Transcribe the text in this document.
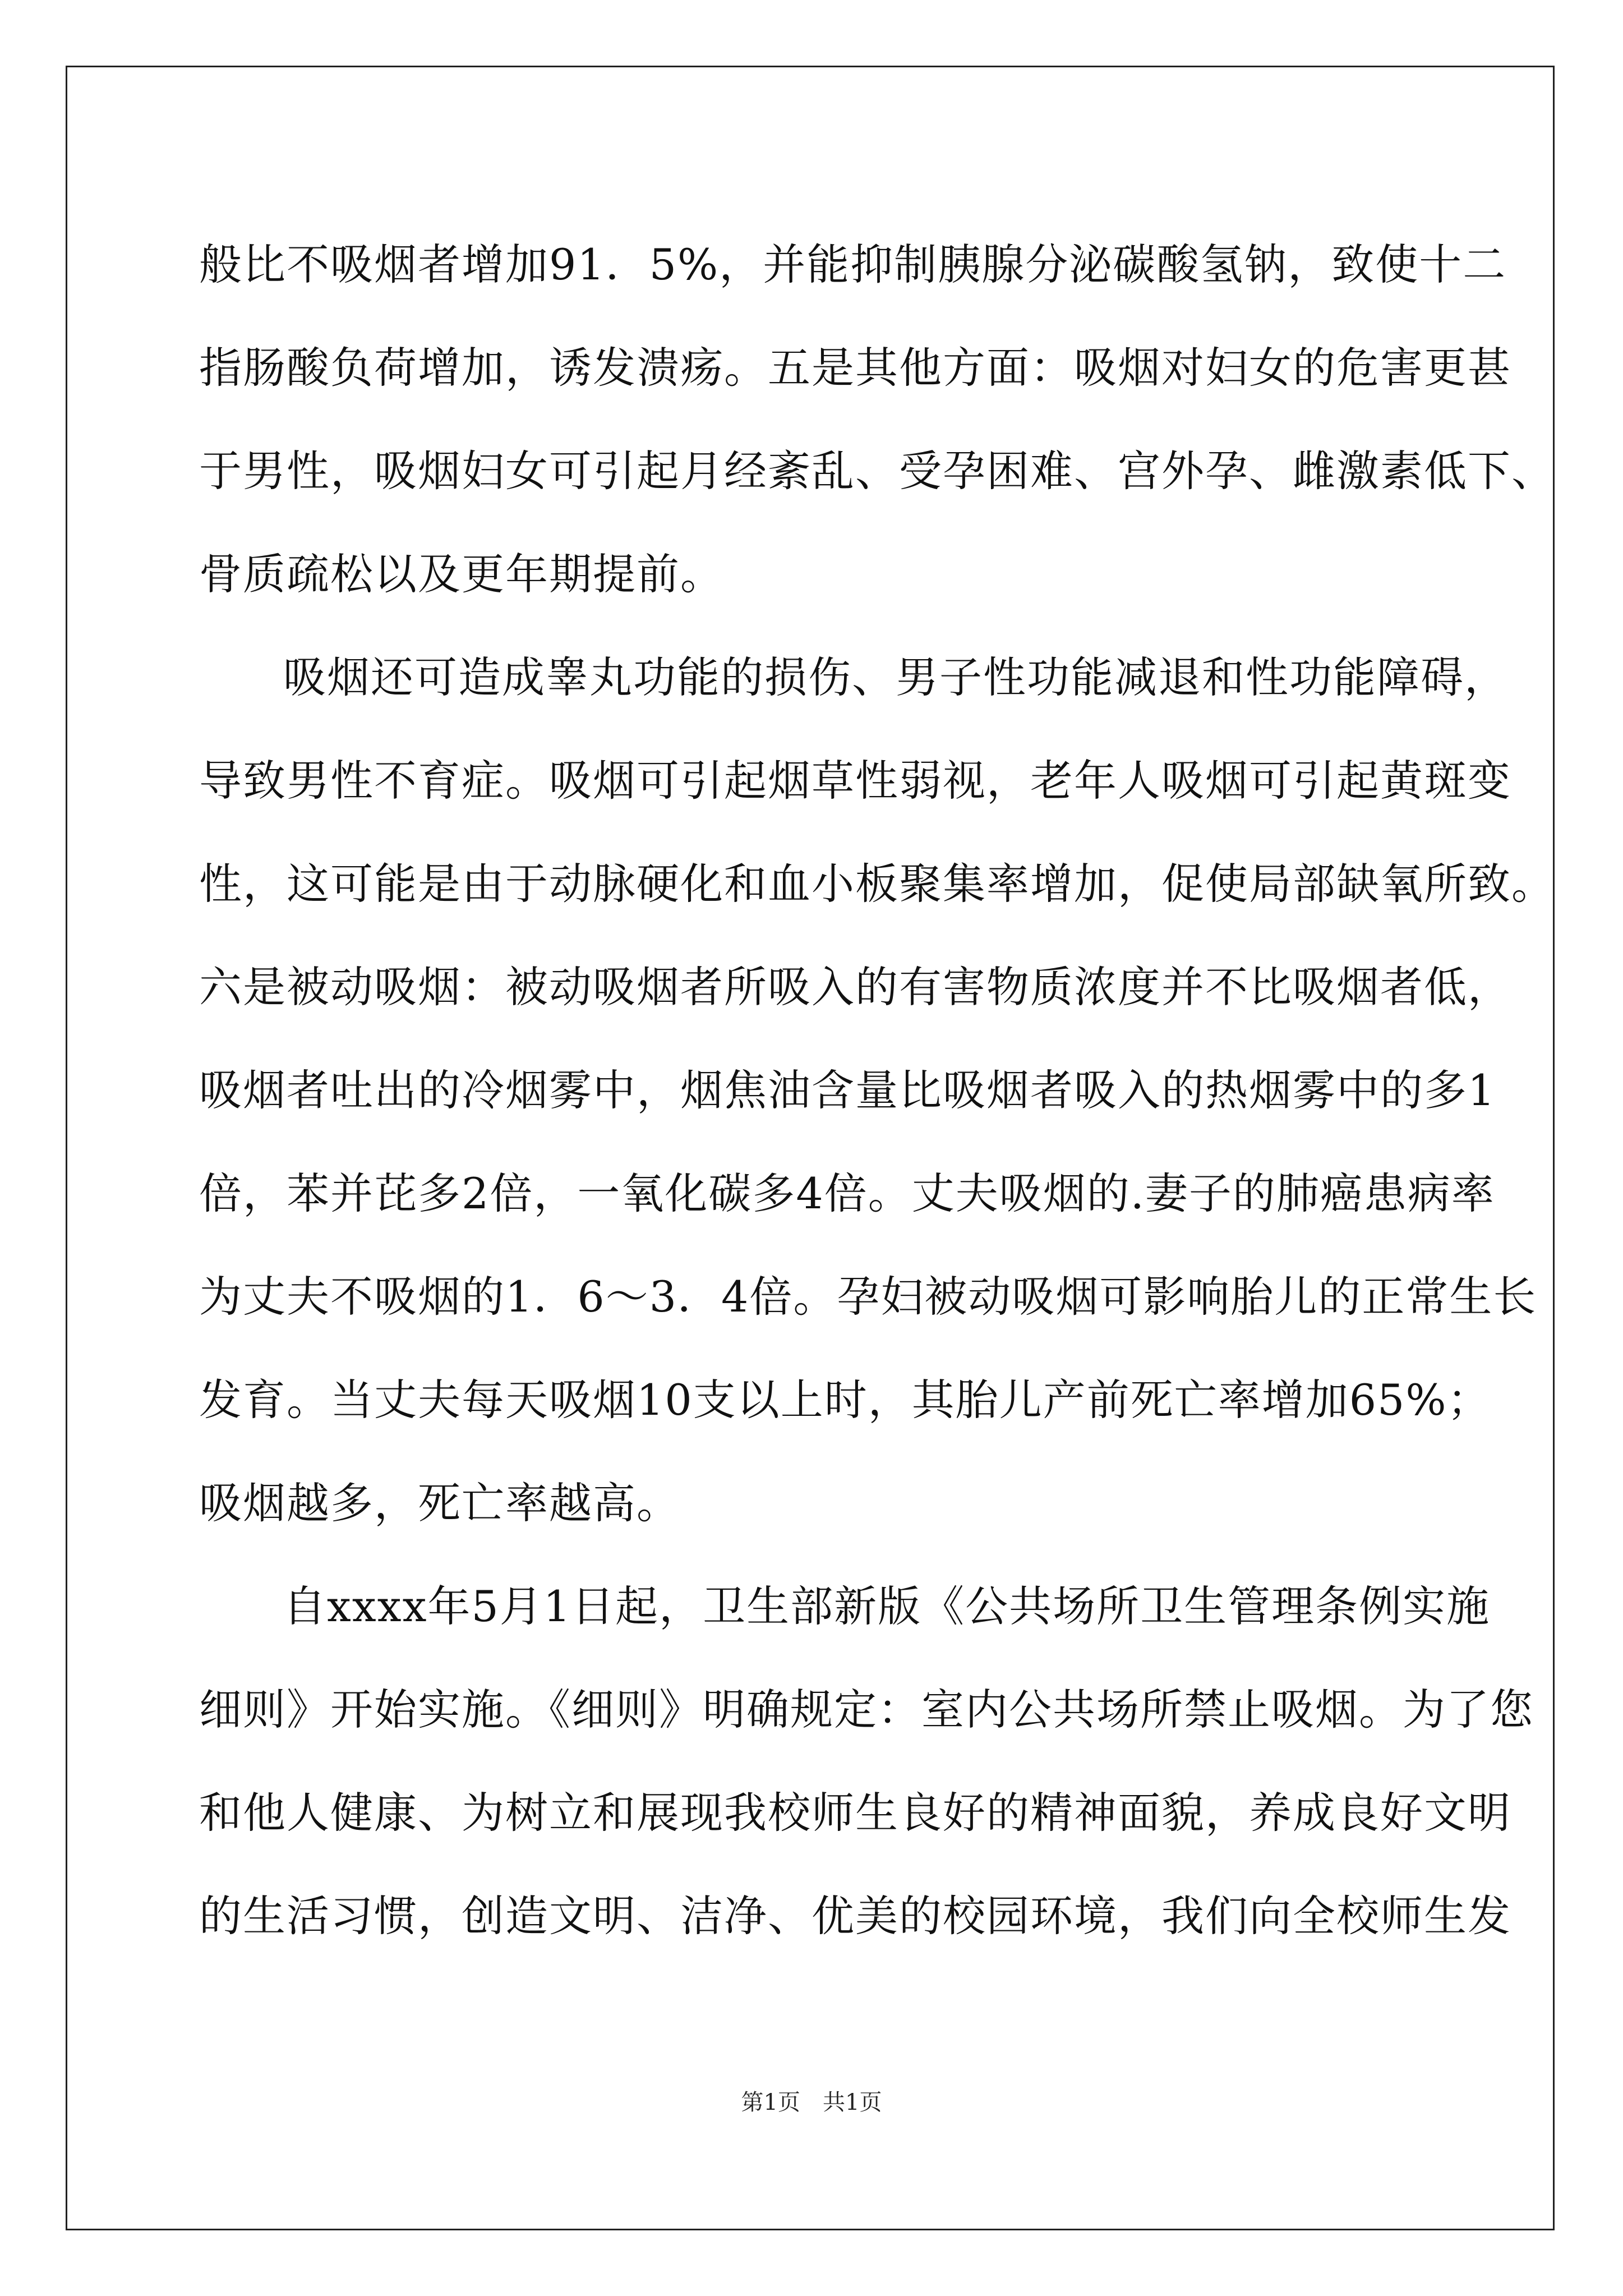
般比不吸烟者增加91．5%，并能抑制胰腺分泌碳酸氢钠，致使十二
指肠酸负荷增加，诱发溃疡。五是其他方面：吸烟对妇女的危害更甚
于男性，吸烟妇女可引起月经紊乱、受孕困难、宫外孕、雌激素低下、
骨质疏松以及更年期提前。
吸烟还可造成睾丸功能的损伤、男子性功能减退和性功能障碍，
导致男性不育症。吸烟可引起烟草性弱视，老年人吸烟可引起黄斑变
性，这可能是由于动脉硬化和血小板聚集率增加，促使局部缺氧所致。
六是被动吸烟：被动吸烟者所吸入的有害物质浓度并不比吸烟者低，
吸烟者吐出的冷烟雾中，烟焦油含量比吸烟者吸入的热烟雾中的多1
倍，苯并芘多2倍，一氧化碳多4倍。丈夫吸烟的.妻子的肺癌患病率
为丈夫不吸烟的1．6～3．4倍。孕妇被动吸烟可影响胎儿的正常生长
发育。当丈夫每天吸烟10支以上时，其胎儿产前死亡率增加65%；
吸烟越多，死亡率越高。
自xxxx年5月1日起，卫生部新版《公共场所卫生管理条例实施
细则》开始实施。《细则》明确规定：室内公共场所禁止吸烟。为了您
和他人健康、为树立和展现我校师生良好的精神面貌，养成良好文明
的生活习惯，创造文明、洁净、优美的校园环境，我们向全校师生发
第1页　共1页
